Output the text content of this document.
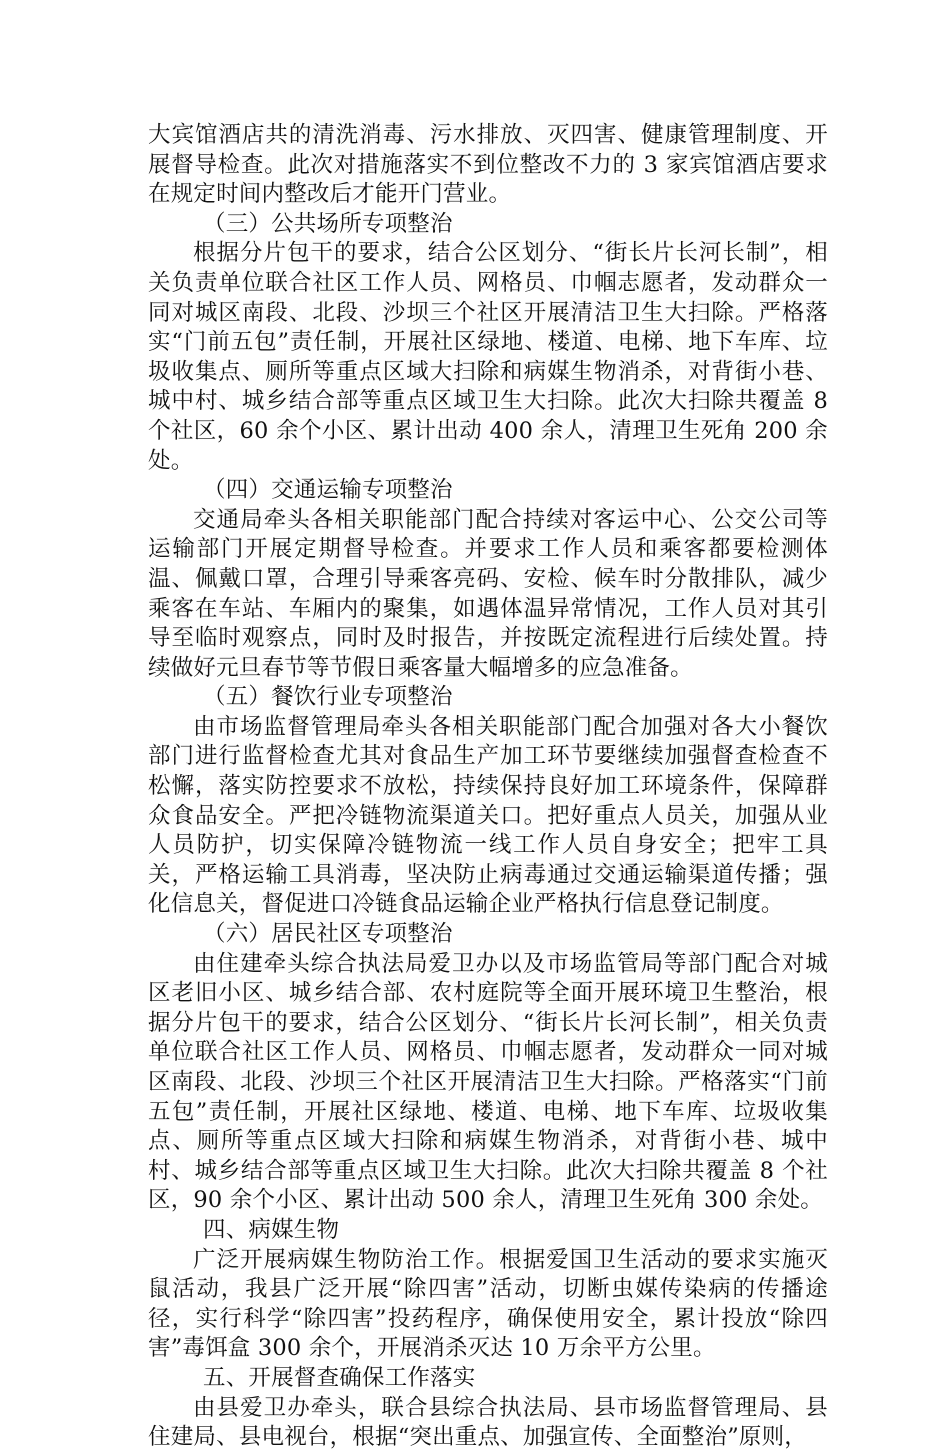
大宾馆酒店共的清洗消毒、污水排放、灭四害、健康管理制度、开展督导检查。此次对措施落实不到位整改不力的 3 家宾馆酒店要求在规定时间内整改后才能开门营业。

（三）公共场所专项整治

根据分片包干的要求，结合公区划分、“街长片长河长制”，相关负责单位联合社区工作人员、网格员、巾帼志愿者，发动群众一同对城区南段、北段、沙坝三个社区开展清洁卫生大扫除。严格落实“门前五包”责任制，开展社区绿地、楼道、电梯、地下车库、垃圾收集点、厕所等重点区域大扫除和病媒生物消杀，对背街小巷、城中村、城乡结合部等重点区域卫生大扫除。此次大扫除共覆盖 8 个社区，60 余个小区、累计出动 400 余人，清理卫生死角 200 余处。

（四）交通运输专项整治

交通局牵头各相关职能部门配合持续对客运中心、公交公司等运输部门开展定期督导检查。并要求工作人员和乘客都要检测体温、佩戴口罩，合理引导乘客亮码、安检、候车时分散排队，减少乘客在车站、车厢内的聚集，如遇体温异常情况，工作人员对其引导至临时观察点，同时及时报告，并按既定流程进行后续处置。持续做好元旦春节等节假日乘客量大幅增多的应急准备。

（五）餐饮行业专项整治

由市场监督管理局牵头各相关职能部门配合加强对各大小餐饮部门进行监督检查尤其对食品生产加工环节要继续加强督查检查不松懈，落实防控要求不放松，持续保持良好加工环境条件，保障群众食品安全。严把冷链物流渠道关口。把好重点人员关，加强从业人员防护，切实保障冷链物流一线工作人员自身安全；把牢工具关，严格运输工具消毒，坚决防止病毒通过交通运输渠道传播；强化信息关，督促进口冷链食品运输企业严格执行信息登记制度。

（六）居民社区专项整治

由住建牵头综合执法局爱卫办以及市场监管局等部门配合对城区老旧小区、城乡结合部、农村庭院等全面开展环境卫生整治，根据分片包干的要求，结合公区划分、“街长片长河长制”，相关负责单位联合社区工作人员、网格员、巾帼志愿者，发动群众一同对城区南段、北段、沙坝三个社区开展清洁卫生大扫除。严格落实“门前五包”责任制，开展社区绿地、楼道、电梯、地下车库、垃圾收集点、厕所等重点区域大扫除和病媒生物消杀，对背街小巷、城中村、城乡结合部等重点区域卫生大扫除。此次大扫除共覆盖 8 个社区，90 余个小区、累计出动 500 余人，清理卫生死角 300 余处。

四、病媒生物

广泛开展病媒生物防治工作。根据爱国卫生活动的要求实施灭鼠活动，我县广泛开展“除四害”活动，切断虫媒传染病的传播途径，实行科学“除四害”投药程序，确保使用安全，累计投放“除四害”毒饵盒 300 余个，开展消杀灭达 10 万余平方公里。

五、开展督查确保工作落实

由县爱卫办牵头，联合县综合执法局、县市场监督管理局、县住建局、县电视台，根据“突出重点、加强宣传、全面整治”原则，
